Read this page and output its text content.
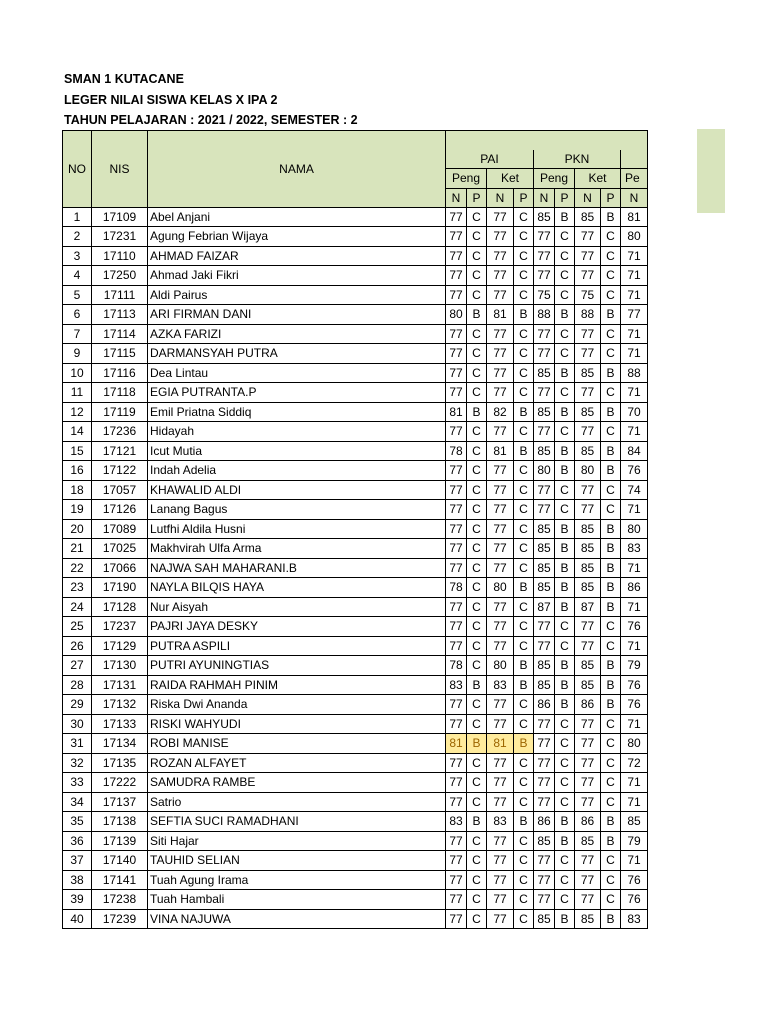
SMAN 1 KUTACANE
LEGER NILAI SISWA KELAS X IPA 2
TAHUN PELAJARAN : 2021 / 2022, SEMESTER : 2
NO	NIS	NAMA									
			PAI				PKN				
			Peng		Ket		Peng		Ket		Pe
			N	P	N	P	N	P	N	P	N
1	17109	Abel Anjani	77	C	77	C	85	B	85	B	81
2	17231	Agung Febrian Wijaya	77	C	77	C	77	C	77	C	80
3	17110	AHMAD FAIZAR	77	C	77	C	77	C	77	C	71
4	17250	Ahmad Jaki Fikri	77	C	77	C	77	C	77	C	71
5	17111	Aldi Pairus	77	C	77	C	75	C	75	C	71
6	17113	ARI FIRMAN DANI	80	B	81	B	88	B	88	B	77
7	17114	AZKA FARIZI	77	C	77	C	77	C	77	C	71
9	17115	DARMANSYAH PUTRA	77	C	77	C	77	C	77	C	71
10	17116	Dea Lintau	77	C	77	C	85	B	85	B	88
11	17118	EGIA PUTRANTA.P	77	C	77	C	77	C	77	C	71
12	17119	Emil Priatna Siddiq	81	B	82	B	85	B	85	B	70
14	17236	Hidayah	77	C	77	C	77	C	77	C	71
15	17121	Icut Mutia	78	C	81	B	85	B	85	B	84
16	17122	Indah Adelia	77	C	77	C	80	B	80	B	76
18	17057	KHAWALID ALDI	77	C	77	C	77	C	77	C	74
19	17126	Lanang Bagus	77	C	77	C	77	C	77	C	71
20	17089	Lutfhi Aldila Husni	77	C	77	C	85	B	85	B	80
21	17025	Makhvirah Ulfa Arma	77	C	77	C	85	B	85	B	83
22	17066	NAJWA SAH MAHARANI.B	77	C	77	C	85	B	85	B	71
23	17190	NAYLA BILQIS HAYA	78	C	80	B	85	B	85	B	86
24	17128	Nur Aisyah	77	C	77	C	87	B	87	B	71
25	17237	PAJRI JAYA DESKY	77	C	77	C	77	C	77	C	76
26	17129	PUTRA ASPILI	77	C	77	C	77	C	77	C	71
27	17130	PUTRI AYUNINGTIAS	78	C	80	B	85	B	85	B	79
28	17131	RAIDA RAHMAH PINIM	83	B	83	B	85	B	85	B	76
29	17132	Riska Dwi Ananda	77	C	77	C	86	B	86	B	76
30	17133	RISKI WAHYUDI	77	C	77	C	77	C	77	C	71
31	17134	ROBI MANISE	81	B	81	B	77	C	77	C	80
32	17135	ROZAN ALFAYET	77	C	77	C	77	C	77	C	72
33	17222	SAMUDRA RAMBE	77	C	77	C	77	C	77	C	71
34	17137	Satrio	77	C	77	C	77	C	77	C	71
35	17138	SEFTIA SUCI RAMADHANI	83	B	83	B	86	B	86	B	85
36	17139	Siti Hajar	77	C	77	C	85	B	85	B	79
37	17140	TAUHID SELIAN	77	C	77	C	77	C	77	C	71
38	17141	Tuah Agung Irama	77	C	77	C	77	C	77	C	76
39	17238	Tuah Hambali	77	C	77	C	77	C	77	C	76
40	17239	VINA NAJUWA	77	C	77	C	85	B	85	B	83
